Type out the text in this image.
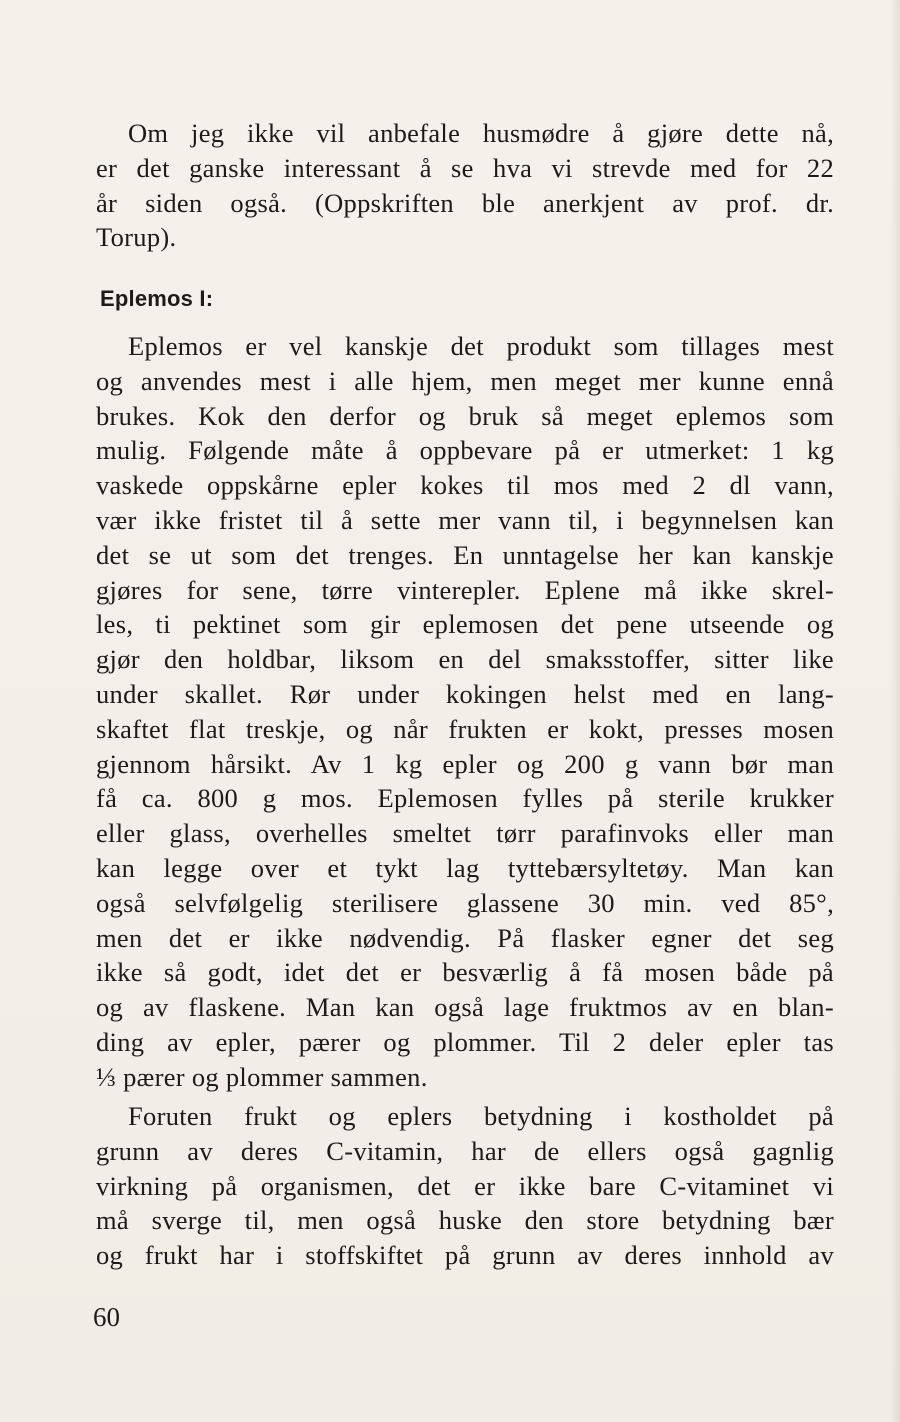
Om jeg ikke vil anbefale husmødre å gjøre dette nå,
er det ganske interessant å se hva vi strevde med for 22
år siden også. (Oppskriften ble anerkjent av prof. dr.
Torup).
Eplemos I:
Eplemos er vel kanskje det produkt som tillages mest
og anvendes mest i alle hjem, men meget mer kunne ennå
brukes. Kok den derfor og bruk så meget eplemos som
mulig. Følgende måte å oppbevare på er utmerket: 1 kg
vaskede oppskårne epler kokes til mos med 2 dl vann,
vær ikke fristet til å sette mer vann til, i begynnelsen kan
det se ut som det trenges. En unntagelse her kan kanskje
gjøres for sene, tørre vinterepler. Eplene må ikke skrel-
les, ti pektinet som gir eplemosen det pene utseende og
gjør den holdbar, liksom en del smaksstoffer, sitter like
under skallet. Rør under kokingen helst med en lang-
skaftet flat treskje, og når frukten er kokt, presses mosen
gjennom hårsikt. Av 1 kg epler og 200 g vann bør man
få ca. 800 g mos. Eplemosen fylles på sterile krukker
eller glass, overhelles smeltet tørr parafinvoks eller man
kan legge over et tykt lag tyttebærsyltetøy. Man kan
også selvfølgelig sterilisere glassene 30 min. ved 85°,
men det er ikke nødvendig. På flasker egner det seg
ikke så godt, idet det er besværlig å få mosen både på
og av flaskene. Man kan også lage fruktmos av en blan-
ding av epler, pærer og plommer. Til 2 deler epler tas
⅓ pærer og plommer sammen.
Foruten frukt og eplers betydning i kostholdet på
grunn av deres C-vitamin, har de ellers også gagnlig
virkning på organismen, det er ikke bare C-vitaminet vi
må sverge til, men også huske den store betydning bær
og frukt har i stoffskiftet på grunn av deres innhold av
60
